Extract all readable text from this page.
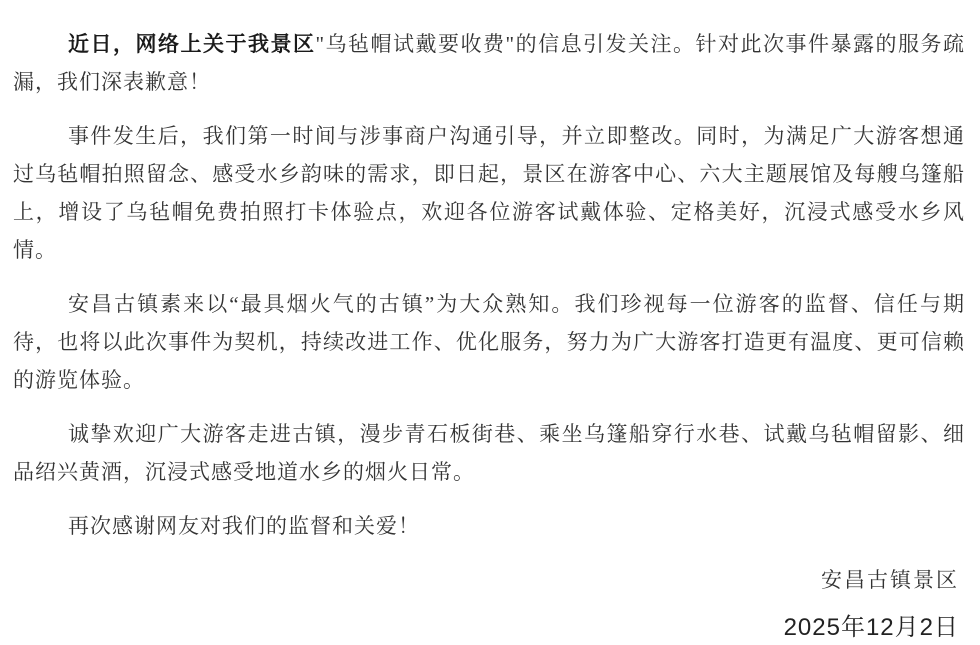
近日，网络上关于我景区"乌毡帽试戴要收费"的信息引发关注。针对此次事件暴露的服务疏漏，我们深表歉意！

事件发生后，我们第一时间与涉事商户沟通引导，并立即整改。同时，为满足广大游客想通过乌毡帽拍照留念、感受水乡韵味的需求，即日起，景区在游客中心、六大主题展馆及每艘乌篷船上，增设了乌毡帽免费拍照打卡体验点，欢迎各位游客试戴体验、定格美好，沉浸式感受水乡风情。

安昌古镇素来以“最具烟火气的古镇”为大众熟知。我们珍视每一位游客的监督、信任与期待，也将以此次事件为契机，持续改进工作、优化服务，努力为广大游客打造更有温度、更可信赖的游览体验。

诚挚欢迎广大游客走进古镇，漫步青石板街巷、乘坐乌篷船穿行水巷、试戴乌毡帽留影、细品绍兴黄酒，沉浸式感受地道水乡的烟火日常。

再次感谢网友对我们的监督和关爱！

安昌古镇景区
2025年12月2日
